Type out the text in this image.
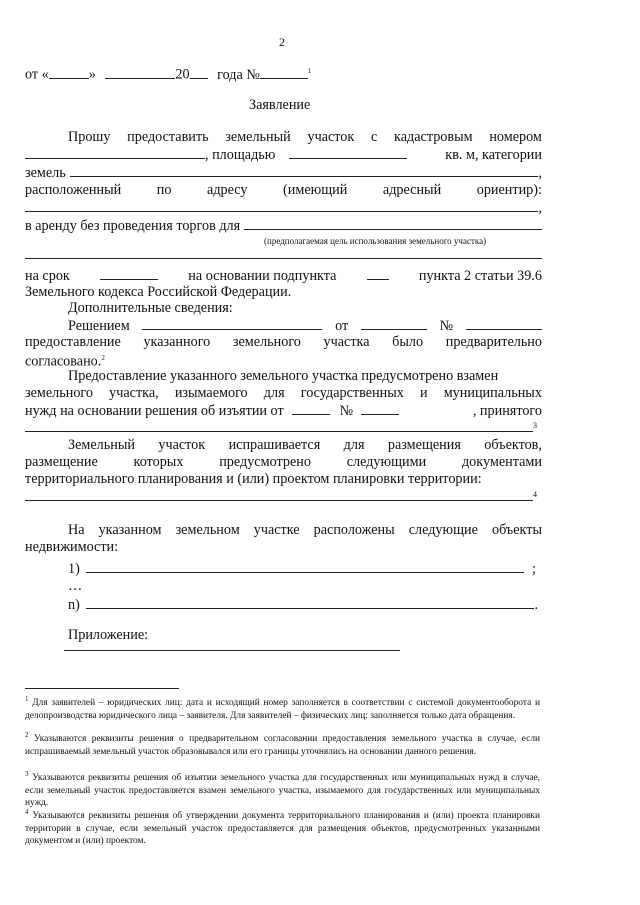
2
от «	»	20 года №	$^1$
Заявление
Прошу предоставить земельный участок с кадастровым номером
, площадью	кв. м, категории
земель	,
расположенный	по	адресу	(имеющий	адресный	ориентир):
,
в аренду без проведения торгов для
(предполагаемая цель использования земельного участка)
на срок	на основании подпункта	пункта 2 статьи 39.6
Земельного кодекса Российской Федерации.
Дополнительные сведения:
Решением	от	№
предоставление указанного земельного участка было предварительно
согласовано.$^2$
Предоставление указанного земельного участка предусмотрено взамен
земельного участка, изымаемого для государственных и муниципальных
нужд на основании решения об изъятии от	№	, принятого
3
Земельный участок испрашивается для размещения объектов,
размещение	которых	предусмотрено	следующими	документами
территориального планирования и (или) проектом планировки территории:
4
На указанном земельном участке расположены следующие объекты
недвижимости:
1)	;
…
n)	.
Приложение:
$^1$ Для заявителей – юридических лиц: дата и исходящий номер заполняется в соответствии с системой документооборота и делопроизводства юридического лица – заявителя. Для заявителей – физических лиц: заполняется только дата обращения.
$^2$ Указываются реквизиты решения о предварительном согласовании предоставления земельного участка в случае, если испрашиваемый земельный участок образовывался или его границы уточнялись на основании данного решения.
$^3$ Указываются реквизиты решения об изъятии земельного участка для государственных или муниципальных нужд в случае, если земельный участок предоставляется взамен земельного участка, изымаемого для государственных или муниципальных нужд.
$^4$ Указываются реквизиты решения об утверждении документа территориального планирования и (или) проекта планировки территории в случае, если земельный участок предоставляется для размещения объектов, предусмотренных указанными документом и (или) проектом.
